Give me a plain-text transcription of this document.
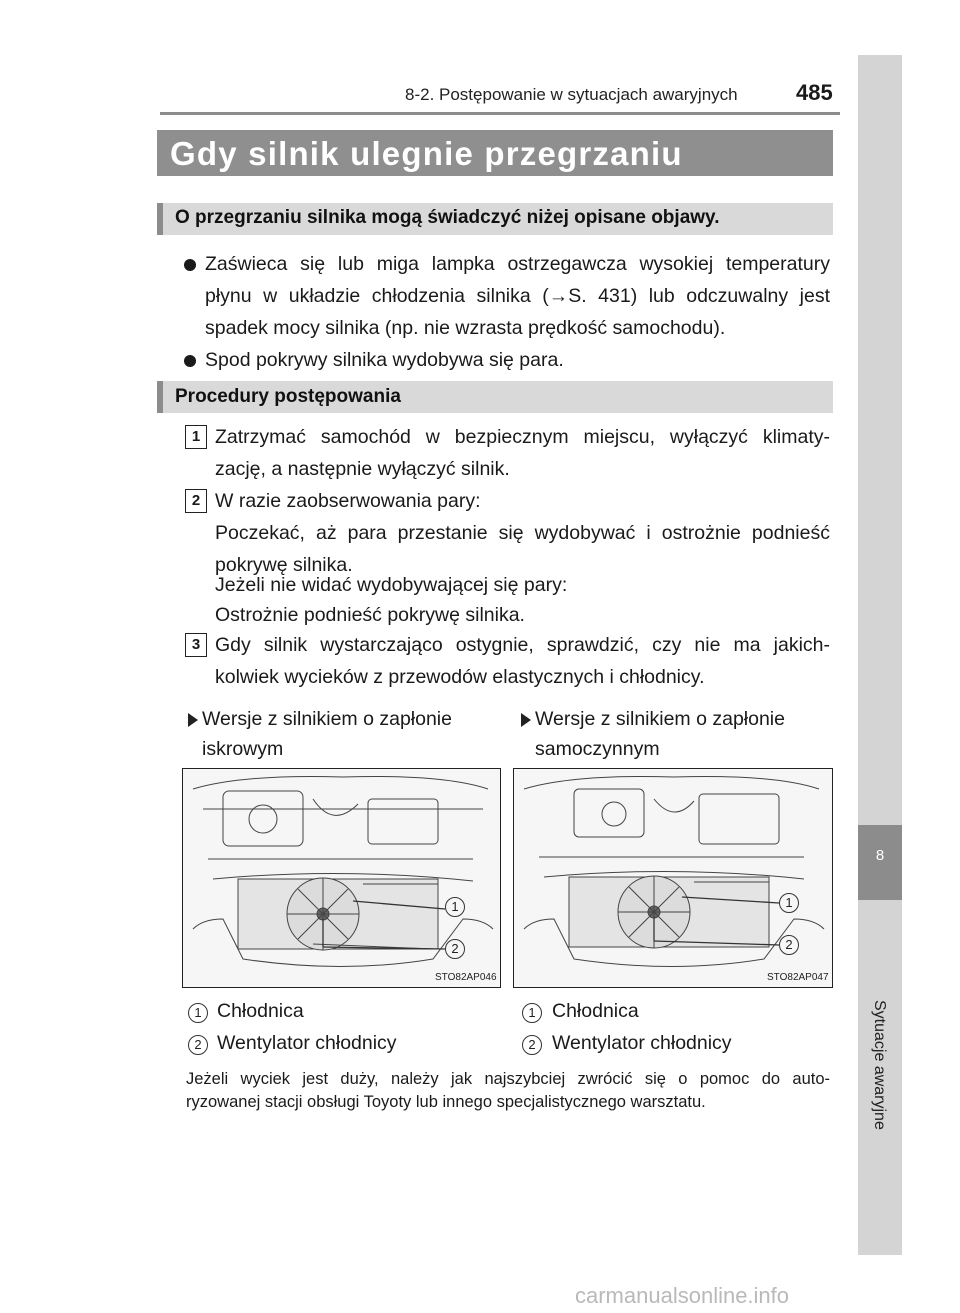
8
Sytuacje awaryjne
8-2. Postępowanie w sytuacjach awaryjnych	485
Gdy silnik ulegnie przegrzaniu
O przegrzaniu silnika mogą świadczyć niżej opisane objawy.
Zaświeca się lub miga lampka ostrzegawcza wysokiej temperatury
płynu w układzie chłodzenia silnika (→S. 431) lub odczuwalny jest
spadek mocy silnika (np. nie wzrasta prędkość samochodu).
Spod pokrywy silnika wydobywa się para.
Procedury postępowania
1 Zatrzymać samochód w bezpiecznym miejscu, wyłączyć klimaty-
zację, a następnie wyłączyć silnik.
2 W razie zaobserwowania pary:
Poczekać, aż para przestanie się wydobywać i ostrożnie podnieść
pokrywę silnika.
Jeżeli nie widać wydobywającej się pary:
Ostrożnie podnieść pokrywę silnika.
3 Gdy silnik wystarczająco ostygnie, sprawdzić, czy nie ma jakich-
kolwiek wycieków z przewodów elastycznych i chłodnicy.
Wersje z silnikiem o zapłonie
iskrowym
Wersje z silnikiem o zapłonie
samoczynnym
1
2
STO82AP046
1
2
STO82AP047
1 Chłodnica
2 Wentylator chłodnicy
1 Chłodnica
2 Wentylator chłodnicy
Jeżeli wyciek jest duży, należy jak najszybciej zwrócić się o pomoc do auto-
ryzowanej stacji obsługi Toyoty lub innego specjalistycznego warsztatu.
carmanualsonline.info
